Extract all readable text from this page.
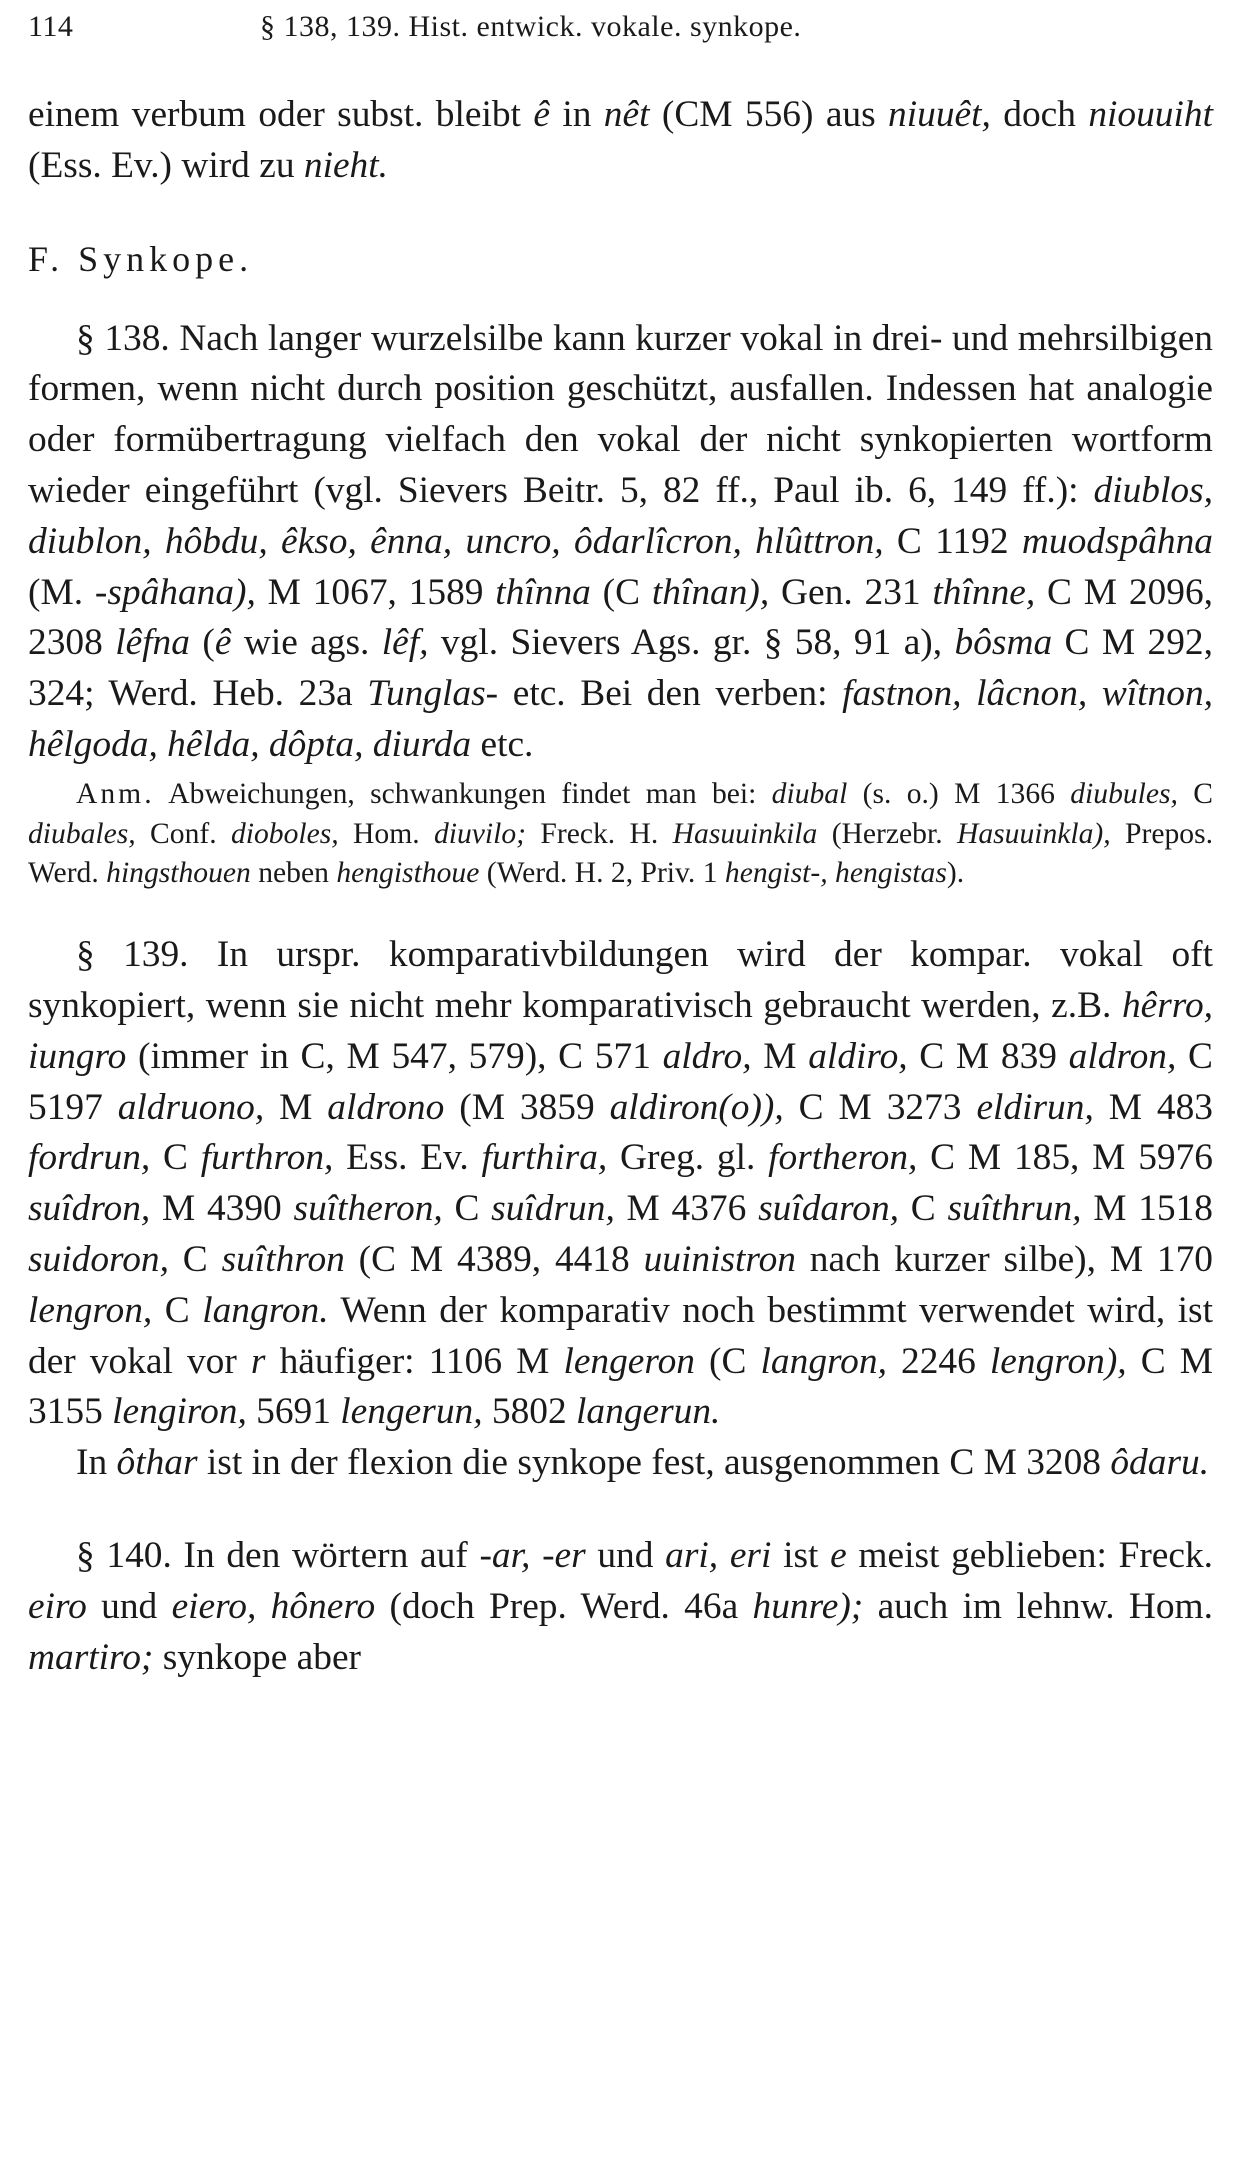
114	§ 138, 139. Hist. entwick. vokale. synkope.

einem verbum oder subst. bleibt ê in nêt (CM 556) aus niuuêt, doch niouuiht (Ess. Ev.) wird zu nieht.

F. Synkope.

§ 138. Nach langer wurzelsilbe kann kurzer vokal in drei- und mehrsilbigen formen, wenn nicht durch position geschützt, ausfallen. Indessen hat analogie oder formübertragung vielfach den vokal der nicht synkopierten wortform wieder eingeführt (vgl. Sievers Beitr. 5, 82 ff., Paul ib. 6, 149 ff.): diublos, diublon, hôbdu, êkso, ênna, uncro, ôdarlîcron, hlûttron, C 1192 muodspâhna (M. -spâhana), M 1067, 1589 thînna (C thînan), Gen. 231 thînne, C M 2096, 2308 lêfna (ê wie ags. lêf, vgl. Sievers Ags. gr. § 58, 91 a), bôsma C M 292, 324; Werd. Heb. 23a Tunglas- etc. Bei den verben: fastnon, lâcnon, wîtnon, hêlgoda, hêlda, dôpta, diurda etc.

Anm. Abweichungen, schwankungen findet man bei: diubal (s. o.) M 1366 diubules, C diubales, Conf. dioboles, Hom. diuvilo; Freck. H. Hasuuinkila (Herzebr. Hasuuinkla), Prepos. Werd. hingsthouen neben hengisthoue (Werd. H. 2, Priv. 1 hengist-, hengistas).

§ 139. In urspr. komparativbildungen wird der kompar. vokal oft synkopiert, wenn sie nicht mehr komparativisch gebraucht werden, z.B. hêrro, iungro (immer in C, M 547, 579), C 571 aldro, M aldiro, C M 839 aldron, C 5197 aldruono, M aldrono (M 3859 aldiron(o)), C M 3273 eldirun, M 483 fordrun, C furthron, Ess. Ev. furthira, Greg. gl. fortheron, C M 185, M 5976 suîdron, M 4390 suîtheron, C suîdrun, M 4376 suîdaron, C suîthrun, M 1518 suidoron, C suîthron (C M 4389, 4418 uuinistron nach kurzer silbe), M 170 lengron, C langron. Wenn der komparativ noch bestimmt verwendet wird, ist der vokal vor r häufiger: 1106 M lengeron (C langron, 2246 lengron), C M 3155 lengiron, 5691 lengerun, 5802 langerun.

In ôthar ist in der flexion die synkope fest, ausgenommen C M 3208 ôdaru.

§ 140. In den wörtern auf -ar, -er und ari, eri ist e meist geblieben: Freck. eiro und eiero, hônero (doch Prep. Werd. 46a hunre); auch im lehnw. Hom. martiro; synkope aber
